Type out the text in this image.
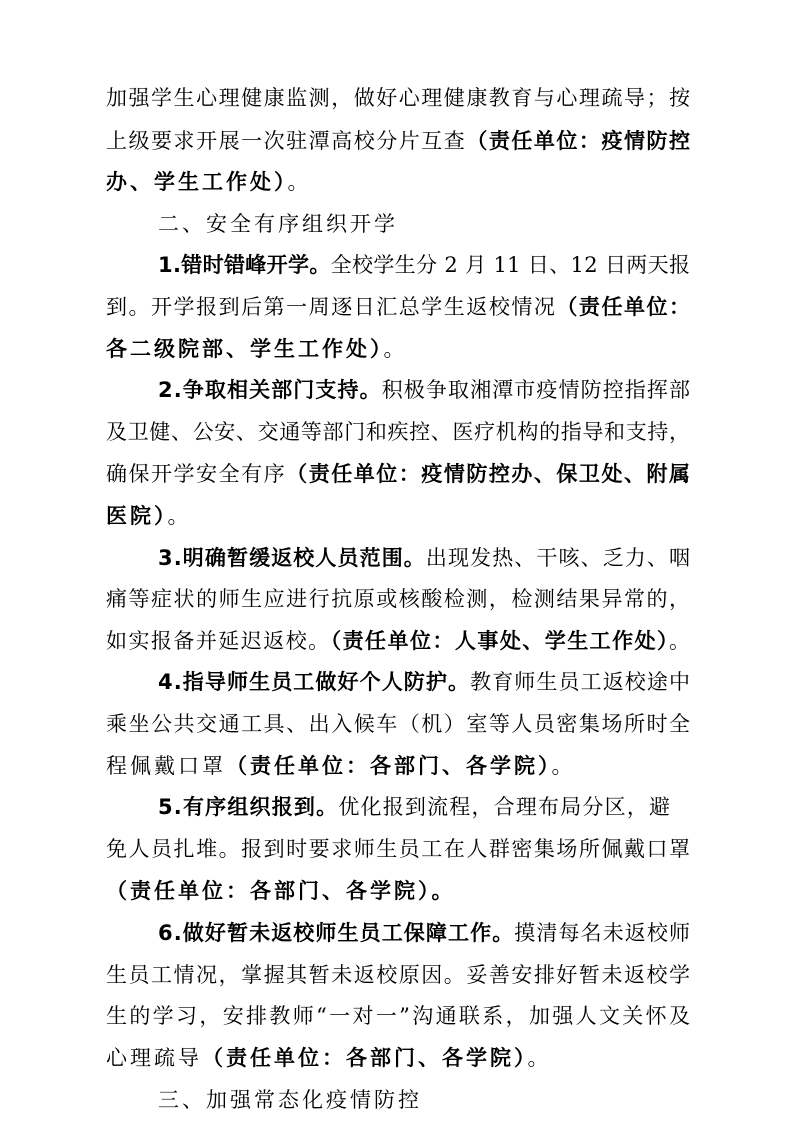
加强学生心理健康监测，做好心理健康教育与心理疏导；按
上级要求开展一次驻潭高校分片互查（责任单位：疫情防控
办、学生工作处）。
二、安全有序组织开学
1.错时错峰开学。全校学生分 2 月 11 日、12 日两天报
到。开学报到后第一周逐日汇总学生返校情况（责任单位：
各二级院部、学生工作处）。
2.争取相关部门支持。积极争取湘潭市疫情防控指挥部
及卫健、公安、交通等部门和疾控、医疗机构的指导和支持，
确保开学安全有序（责任单位：疫情防控办、保卫处、附属
医院）。
3.明确暂缓返校人员范围。出现发热、干咳、乏力、咽
痛等症状的师生应进行抗原或核酸检测，检测结果异常的，
如实报备并延迟返校。（责任单位：人事处、学生工作处）。
4.指导师生员工做好个人防护。教育师生员工返校途中
乘坐公共交通工具、出入候车（机）室等人员密集场所时全
程佩戴口罩（责任单位：各部门、各学院）。
5.有序组织报到。优化报到流程，合理布局分区，避
免人员扎堆。报到时要求师生员工在人群密集场所佩戴口罩
（责任单位：各部门、各学院）。
6.做好暂未返校师生员工保障工作。摸清每名未返校师
生员工情况，掌握其暂未返校原因。妥善安排好暂未返校学
生的学习，安排教师“一对一”沟通联系，加强人文关怀及
心理疏导（责任单位：各部门、各学院）。
三、加强常态化疫情防控
